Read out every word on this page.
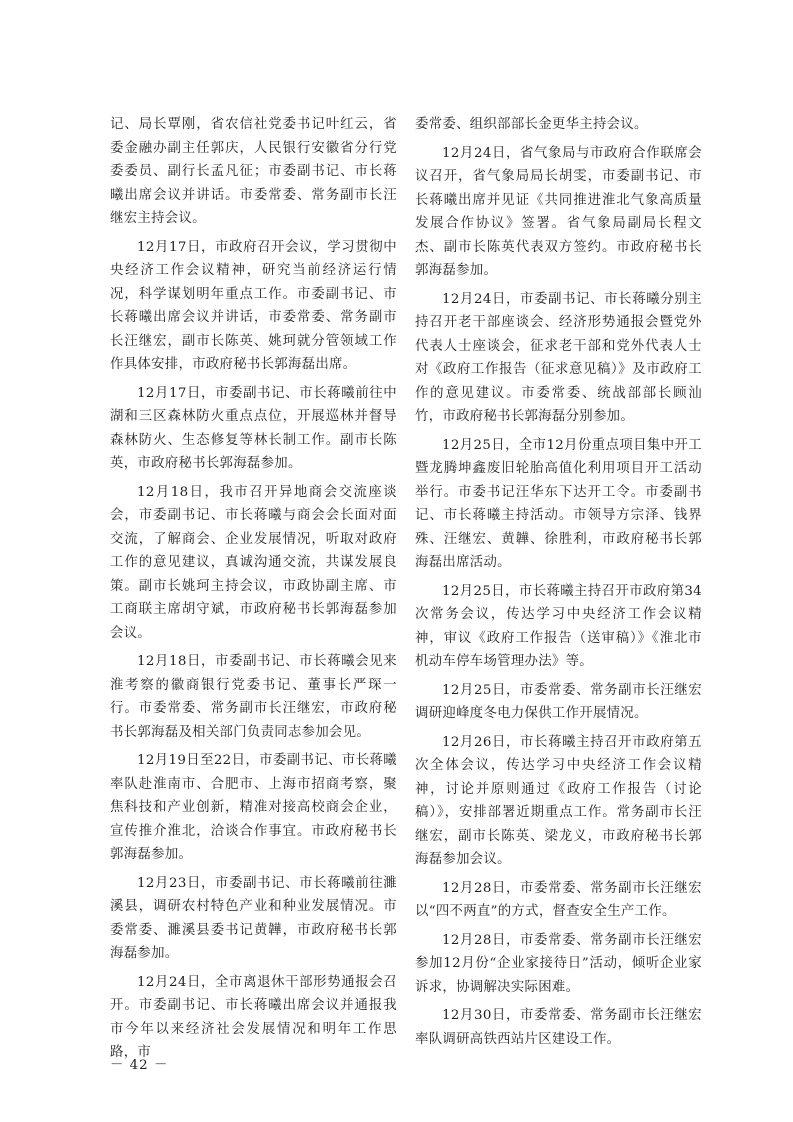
记、局长覃刚，省农信社党委书记叶红云，省委金融办副主任郭庆，人民银行安徽省分行党委委员、副行长孟凡征；市委副书记、市长蒋曦出席会议并讲话。市委常委、常务副市长汪继宏主持会议。

12月17日，市政府召开会议，学习贯彻中央经济工作会议精神，研究当前经济运行情况，科学谋划明年重点工作。市委副书记、市长蒋曦出席会议并讲话，市委常委、常务副市长汪继宏，副市长陈英、姚珂就分管领域工作作具体安排，市政府秘书长郭海磊出席。

12月17日，市委副书记、市长蒋曦前往中湖和三区森林防火重点点位，开展巡林并督导森林防火、生态修复等林长制工作。副市长陈英，市政府秘书长郭海磊参加。

12月18日，我市召开异地商会交流座谈会，市委副书记、市长蒋曦与商会会长面对面交流，了解商会、企业发展情况，听取对政府工作的意见建议，真诚沟通交流，共谋发展良策。副市长姚珂主持会议，市政协副主席、市工商联主席胡守斌，市政府秘书长郭海磊参加会议。

12月18日，市委副书记、市长蒋曦会见来淮考察的徽商银行党委书记、董事长严琛一行。市委常委、常务副市长汪继宏，市政府秘书长郭海磊及相关部门负责同志参加会见。

12月19日至22日，市委副书记、市长蒋曦率队赴淮南市、合肥市、上海市招商考察，聚焦科技和产业创新，精准对接高校商会企业，宣传推介淮北，洽谈合作事宜。市政府秘书长郭海磊参加。

12月23日，市委副书记、市长蒋曦前往濉溪县，调研农村特色产业和种业发展情况。市委常委、濉溪县委书记黄韡，市政府秘书长郭海磊参加。

12月24日，全市离退休干部形势通报会召开。市委副书记、市长蒋曦出席会议并通报我市今年以来经济社会发展情况和明年工作思路，市

委常委、组织部部长金更华主持会议。

12月24日，省气象局与市政府合作联席会议召开，省气象局局长胡雯，市委副书记、市长蒋曦出席并见证《共同推进淮北气象高质量发展合作协议》签署。省气象局副局长程文杰、副市长陈英代表双方签约。市政府秘书长郭海磊参加。

12月24日，市委副书记、市长蒋曦分别主持召开老干部座谈会、经济形势通报会暨党外代表人士座谈会，征求老干部和党外代表人士对《政府工作报告（征求意见稿）》及市政府工作的意见建议。市委常委、统战部部长顾汕竹，市政府秘书长郭海磊分别参加。

12月25日，全市12月份重点项目集中开工暨龙腾坤鑫废旧轮胎高值化利用项目开工活动举行。市委书记汪华东下达开工令。市委副书记、市长蒋曦主持活动。市领导方宗泽、钱界殊、汪继宏、黄韡、徐胜利，市政府秘书长郭海磊出席活动。

12月25日，市长蒋曦主持召开市政府第34次常务会议，传达学习中央经济工作会议精神，审议《政府工作报告（送审稿）》《淮北市机动车停车场管理办法》等。

12月25日，市委常委、常务副市长汪继宏调研迎峰度冬电力保供工作开展情况。

12月26日，市长蒋曦主持召开市政府第五次全体会议，传达学习中央经济工作会议精神，讨论并原则通过《政府工作报告（讨论稿）》，安排部署近期重点工作。常务副市长汪继宏，副市长陈英、梁龙义，市政府秘书长郭海磊参加会议。

12月28日，市委常委、常务副市长汪继宏以“四不两直”的方式，督查安全生产工作。

12月28日，市委常委、常务副市长汪继宏参加12月份“企业家接待日”活动，倾听企业家诉求，协调解决实际困难。

12月30日，市委常委、常务副市长汪继宏率队调研高铁西站片区建设工作。

－ 42 －
